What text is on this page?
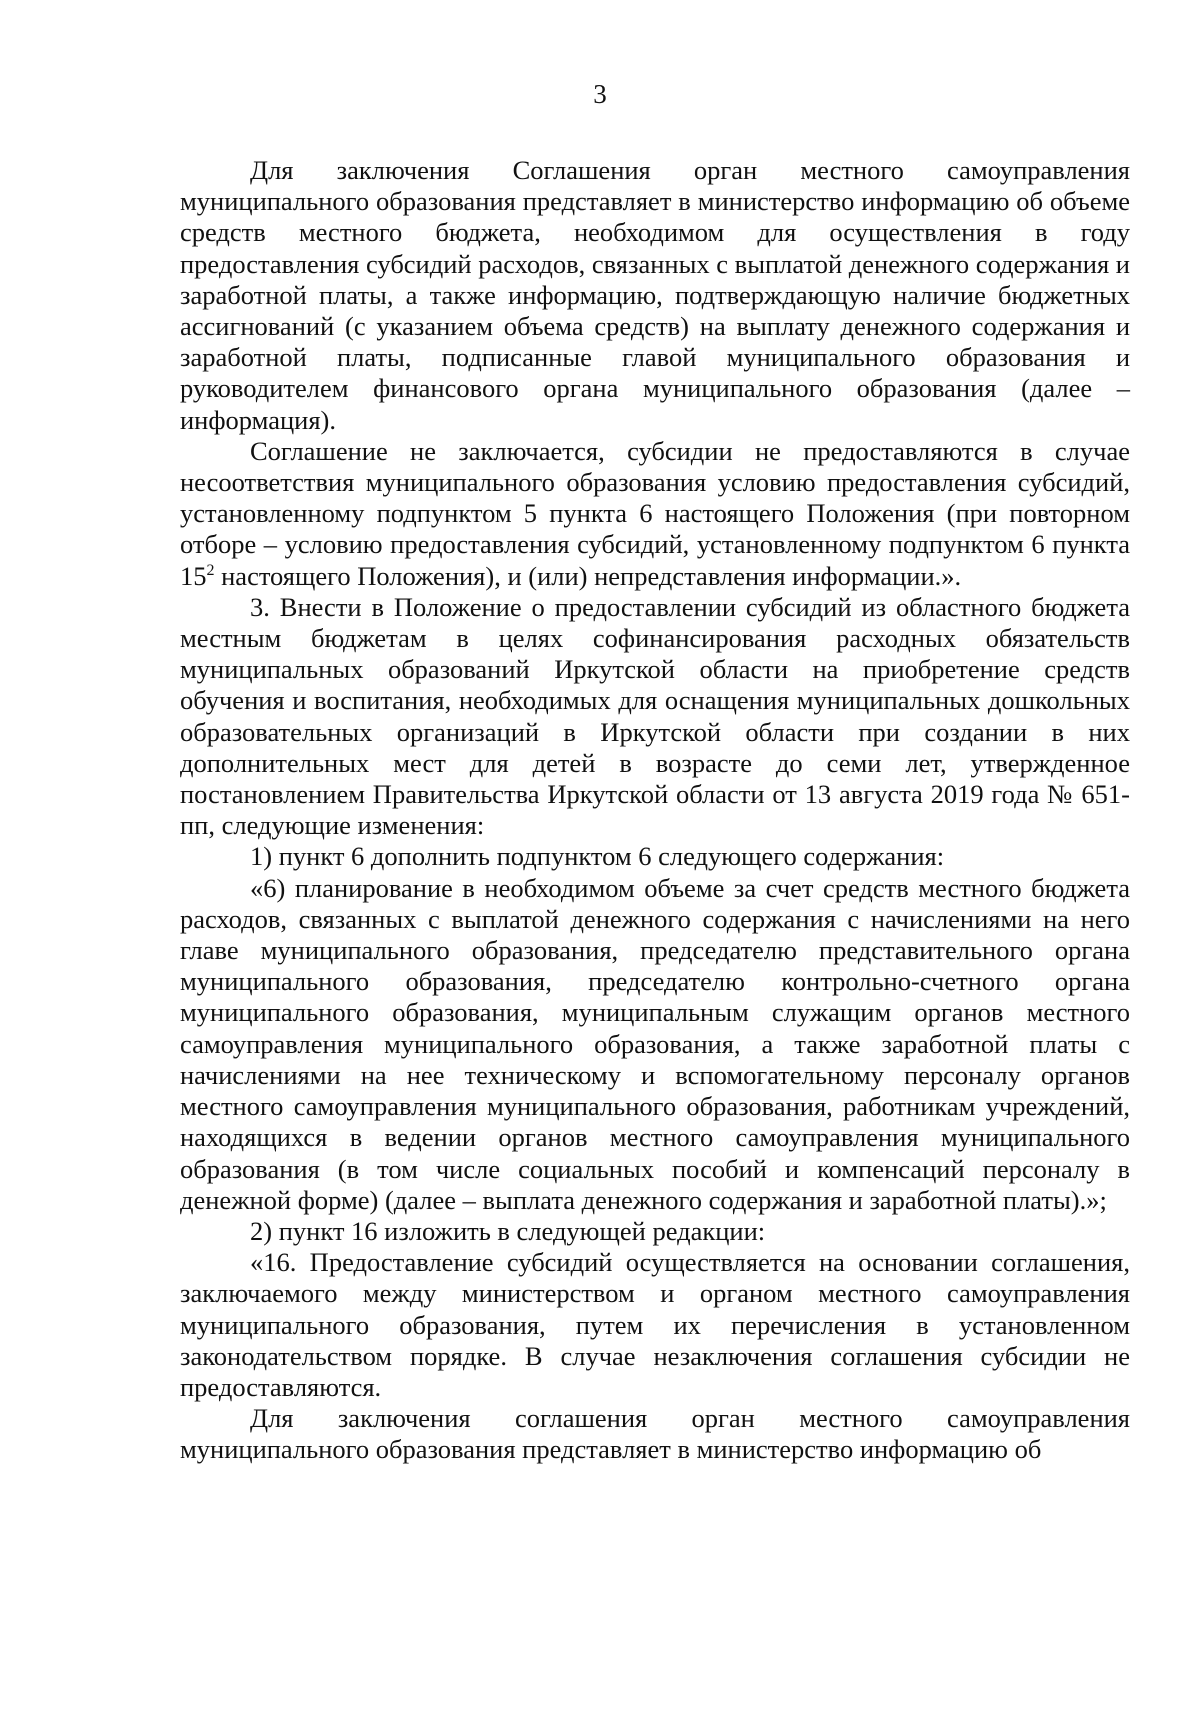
3

Для заключения Соглашения орган местного самоуправления муниципального образования представляет в министерство информацию об объеме средств местного бюджета, необходимом для осуществления в году предоставления субсидий расходов, связанных с выплатой денежного содержания и заработной платы, а также информацию, подтверждающую наличие бюджетных ассигнований (с указанием объема средств) на выплату денежного содержания и заработной платы, подписанные главой муниципального образования и руководителем финансового органа муниципального образования (далее – информация).

Соглашение не заключается, субсидии не предоставляются в случае несоответствия муниципального образования условию предоставления субсидий, установленному подпунктом 5 пункта 6 настоящего Положения (при повторном отборе – условию предоставления субсидий, установленному подпунктом 6 пункта $15^2$ настоящего Положения), и (или) непредставления информации.».

3. Внести в Положение о предоставлении субсидий из областного бюджета местным бюджетам в целях софинансирования расходных обязательств муниципальных образований Иркутской области на приобретение средств обучения и воспитания, необходимых для оснащения муниципальных дошкольных образовательных организаций в Иркутской области при создании в них дополнительных мест для детей в возрасте до семи лет, утвержденное постановлением Правительства Иркутской области от 13 августа 2019 года № 651-пп, следующие изменения:

1) пункт 6 дополнить подпунктом 6 следующего содержания:

«6) планирование в необходимом объеме за счет средств местного бюджета расходов, связанных с выплатой денежного содержания с начислениями на него главе муниципального образования, председателю представительного органа муниципального образования, председателю контрольно-счетного органа муниципального образования, муниципальным служащим органов местного самоуправления муниципального образования, а также заработной платы с начислениями на нее техническому и вспомогательному персоналу органов местного самоуправления муниципального образования, работникам учреждений, находящихся в ведении органов местного самоуправления муниципального образования (в том числе социальных пособий и компенсаций персоналу в денежной форме) (далее – выплата денежного содержания и заработной платы).»;

2) пункт 16 изложить в следующей редакции:

«16. Предоставление субсидий осуществляется на основании соглашения, заключаемого между министерством и органом местного самоуправления муниципального образования, путем их перечисления в установленном законодательством порядке. В случае незаключения соглашения субсидии не предоставляются.

Для заключения соглашения орган местного самоуправления муниципального образования представляет в министерство информацию об
